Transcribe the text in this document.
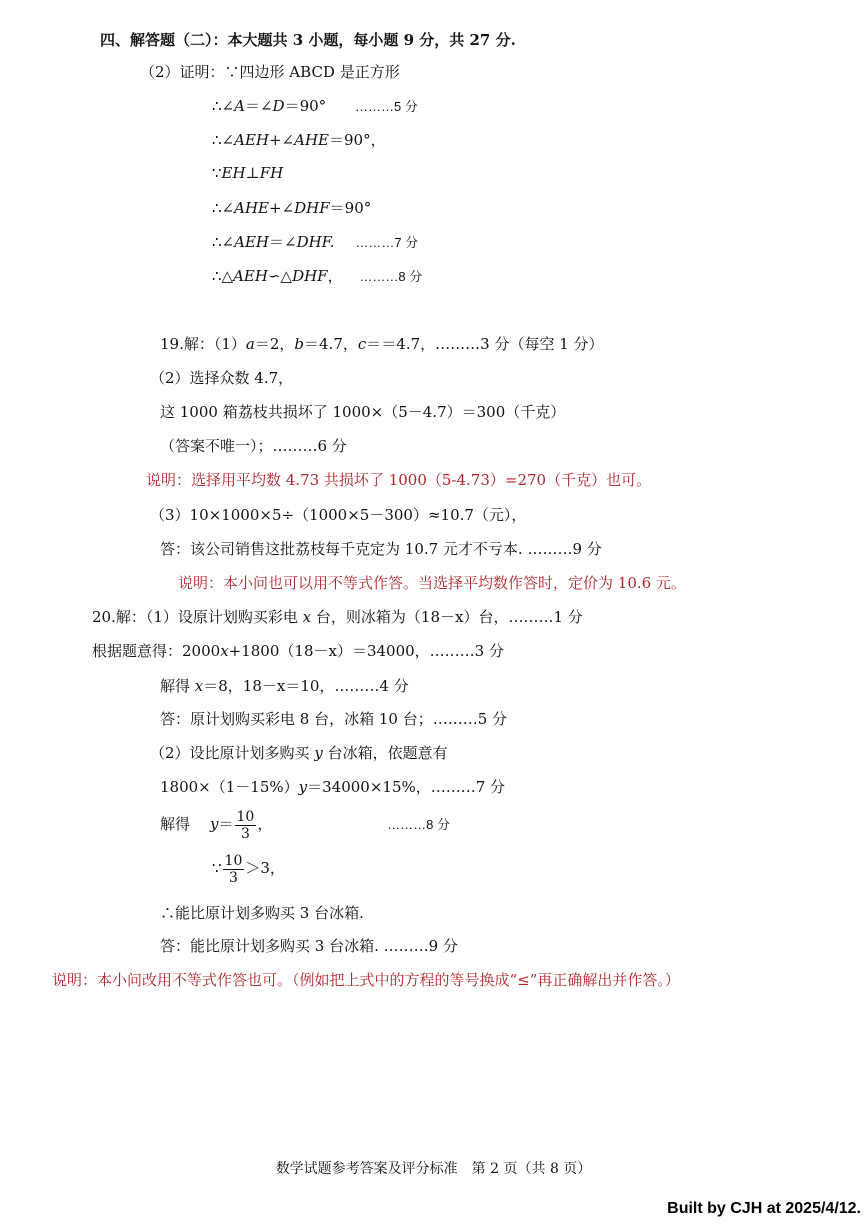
四、解答题（二）：本大题共 3 小题，每小题 9 分，共 27 分.
（2）证明：∵四边形 ABCD 是正方形
∴∠A＝∠D＝90° ………5 分
∴∠AEH+∠AHE＝90°，
∵EH⊥FH
∴∠AHE+∠DHF＝90°
∴∠AEH＝∠DHF. ………7 分
∴△AEH∽△DHF， ………8 分
19.解：（1）a＝2，b＝4.7，c＝＝4.7，………3 分（每空 1 分）
（2）选择众数 4.7，
这 1000 箱荔枝共损坏了 1000×（5－4.7）＝300（千克）
（答案不唯一）；………6 分
说明：选择用平均数 4.73 共损坏了 1000（5-4.73）=270（千克）也可。
（3）10×1000×5÷（1000×5－300）≈10.7（元），
答：该公司销售这批荔枝每千克定为 10.7 元才不亏本. ………9 分
说明：本小问也可以用不等式作答。当选择平均数作答时，定价为 10.6 元。
20.解：（1）设原计划购买彩电 x 台，则冰箱为（18－x）台，………1 分
根据题意得：2000x+1800（18－x）＝34000，………3 分
解得 x＝8，18－x＝10，………4 分
答：原计划购买彩电 8 台，冰箱 10 台；………5 分
（2）设比原计划多购买 y 台冰箱，依题意有
1800×（1－15%）y＝34000×15%，………7 分
解得 $y= \frac{10}{3}$ ，	………8 分
∵ $\frac{10}{3} >3$，
∴能比原计划多购买 3 台冰箱.
答：能比原计划多购买 3 台冰箱. ………9 分
说明：本小问改用不等式作答也可。（例如把上式中的方程的等号换成“≤”再正确解出并作答。）
数学试题参考答案及评分标准　第 2 页（共 8 页）
Built by CJH at 2025/4/12.
